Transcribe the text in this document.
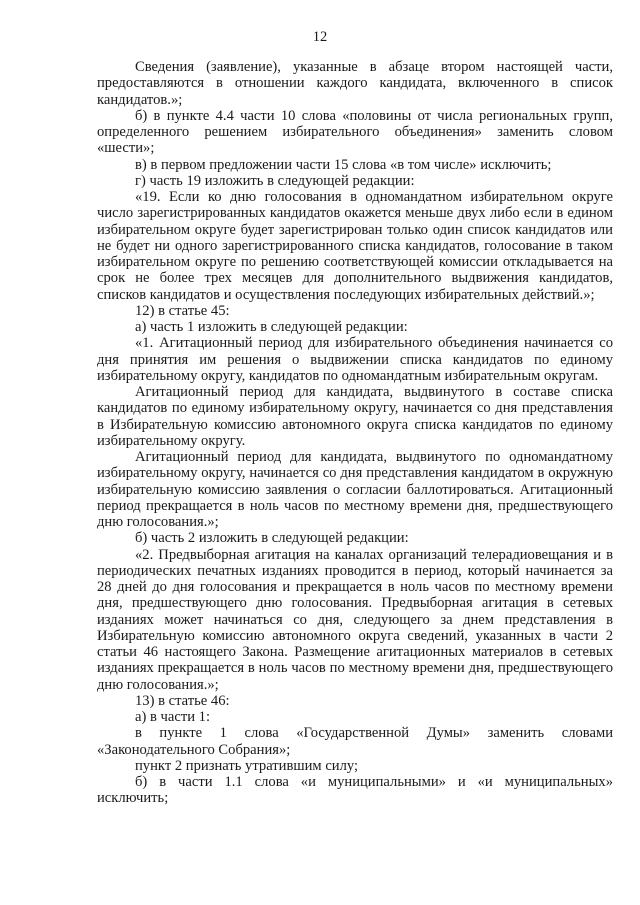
12

Сведения (заявление), указанные в абзаце втором настоящей части, предоставляются в отношении каждого кандидата, включенного в список кандидатов.»;

б) в пункте 4.4 части 10 слова «половины от числа региональных групп, определенного решением избирательного объединения» заменить словом «шести»;

в) в первом предложении части 15 слова «в том числе» исключить;

г) часть 19 изложить в следующей редакции:

«19. Если ко дню голосования в одномандатном избирательном округе число зарегистрированных кандидатов окажется меньше двух либо если в едином избирательном округе будет зарегистрирован только один список кандидатов или не будет ни одного зарегистрированного списка кандидатов, голосование в таком избирательном округе по решению соответствующей комиссии откладывается на срок не более трех месяцев для дополнительного выдвижения кандидатов, списков кандидатов и осуществления последующих избирательных действий.»;

12) в статье 45:

а) часть 1 изложить в следующей редакции:

«1. Агитационный период для избирательного объединения начинается со дня принятия им решения о выдвижении списка кандидатов по единому избирательному округу, кандидатов по одномандатным избирательным округам.

Агитационный период для кандидата, выдвинутого в составе списка кандидатов по единому избирательному округу, начинается со дня представления в Избирательную комиссию автономного округа списка кандидатов по единому избирательному округу.

Агитационный период для кандидата, выдвинутого по одномандатному избирательному округу, начинается со дня представления кандидатом в окружную избирательную комиссию заявления о согласии баллотироваться. Агитационный период прекращается в ноль часов по местному времени дня, предшествующего дню голосования.»;

б) часть 2 изложить в следующей редакции:

«2. Предвыборная агитация на каналах организаций телерадиовещания и в периодических печатных изданиях проводится в период, который начинается за 28 дней до дня голосования и прекращается в ноль часов по местному времени дня, предшествующего дню голосования. Предвыборная агитация в сетевых изданиях может начинаться со дня, следующего за днем представления в Избирательную комиссию автономного округа сведений, указанных в части 2 статьи 46 настоящего Закона. Размещение агитационных материалов в сетевых изданиях прекращается в ноль часов по местному времени дня, предшествующего дню голосования.»;

13) в статье 46:

а) в части 1:

в пункте 1 слова «Государственной Думы» заменить словами «Законодательного Собрания»;

пункт 2 признать утратившим силу;

б) в части 1.1 слова «и муниципальными» и «и муниципальных» исключить;
